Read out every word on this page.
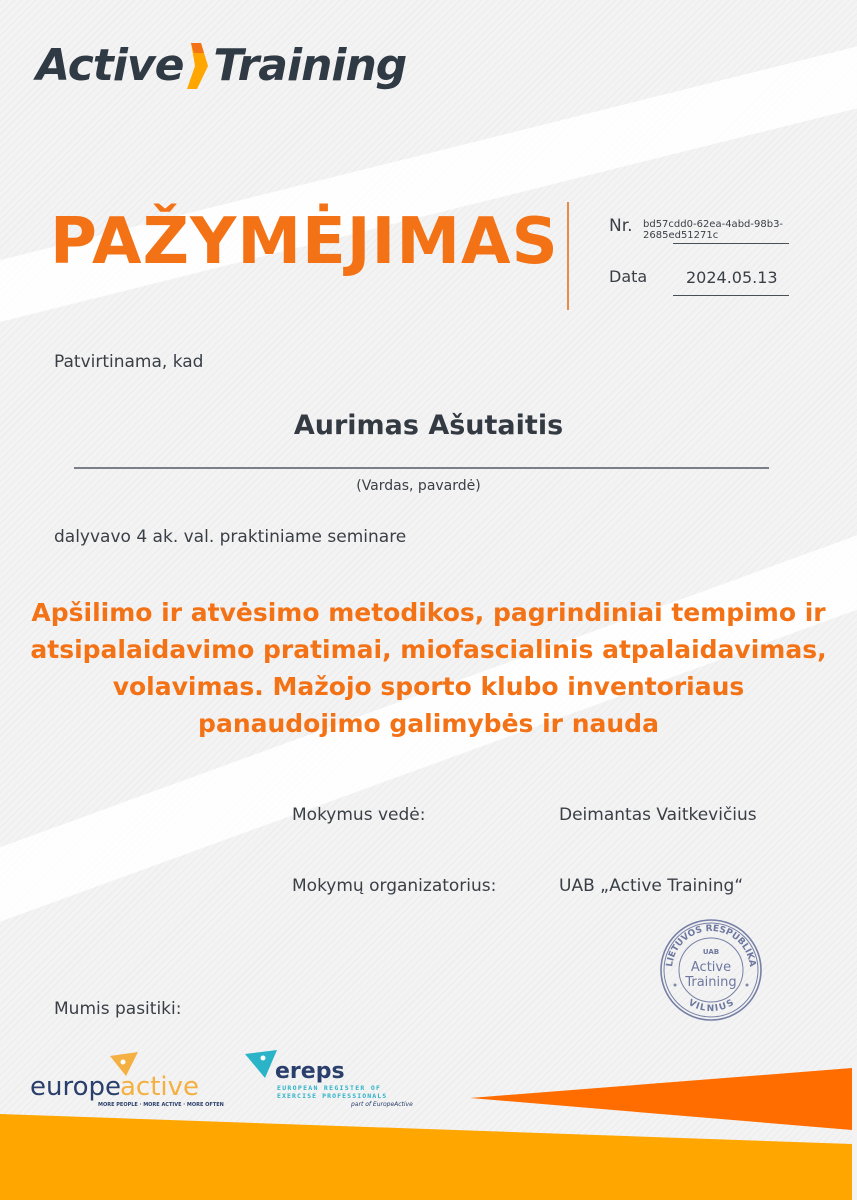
Active Training
PAŽYMĖJIMAS	Nr. bd57cdd0-62ea-4abd-98b3-2685ed51271c
Data 2024.05.13
Patvirtinama, kad
Aurimas Ašutaitis
(Vardas, pavardė)
dalyvavo 4 ak. val. praktiniame seminare
Apšilimo ir atvėsimo metodikos, pagrindiniai tempimo ir atsipalaidavimo pratimai, miofascialinis atpalaidavimas, volavimas. Mažojo sporto klubo inventoriaus panaudojimo galimybės ir nauda
Mokymus vedė:	Deimantas Vaitkevičius
Mokymų organizatorius:	UAB „Active Training“
LIETUVOS RESPUBLIKA
VILNIUS
UAB
Active
Training
Mumis pasitiki:
europe active
MORE PEOPLE · MORE ACTIVE · MORE OFTEN
ereps
EUROPEAN REGISTER OF
EXERCISE PROFESSIONALS
part of EuropeActive
